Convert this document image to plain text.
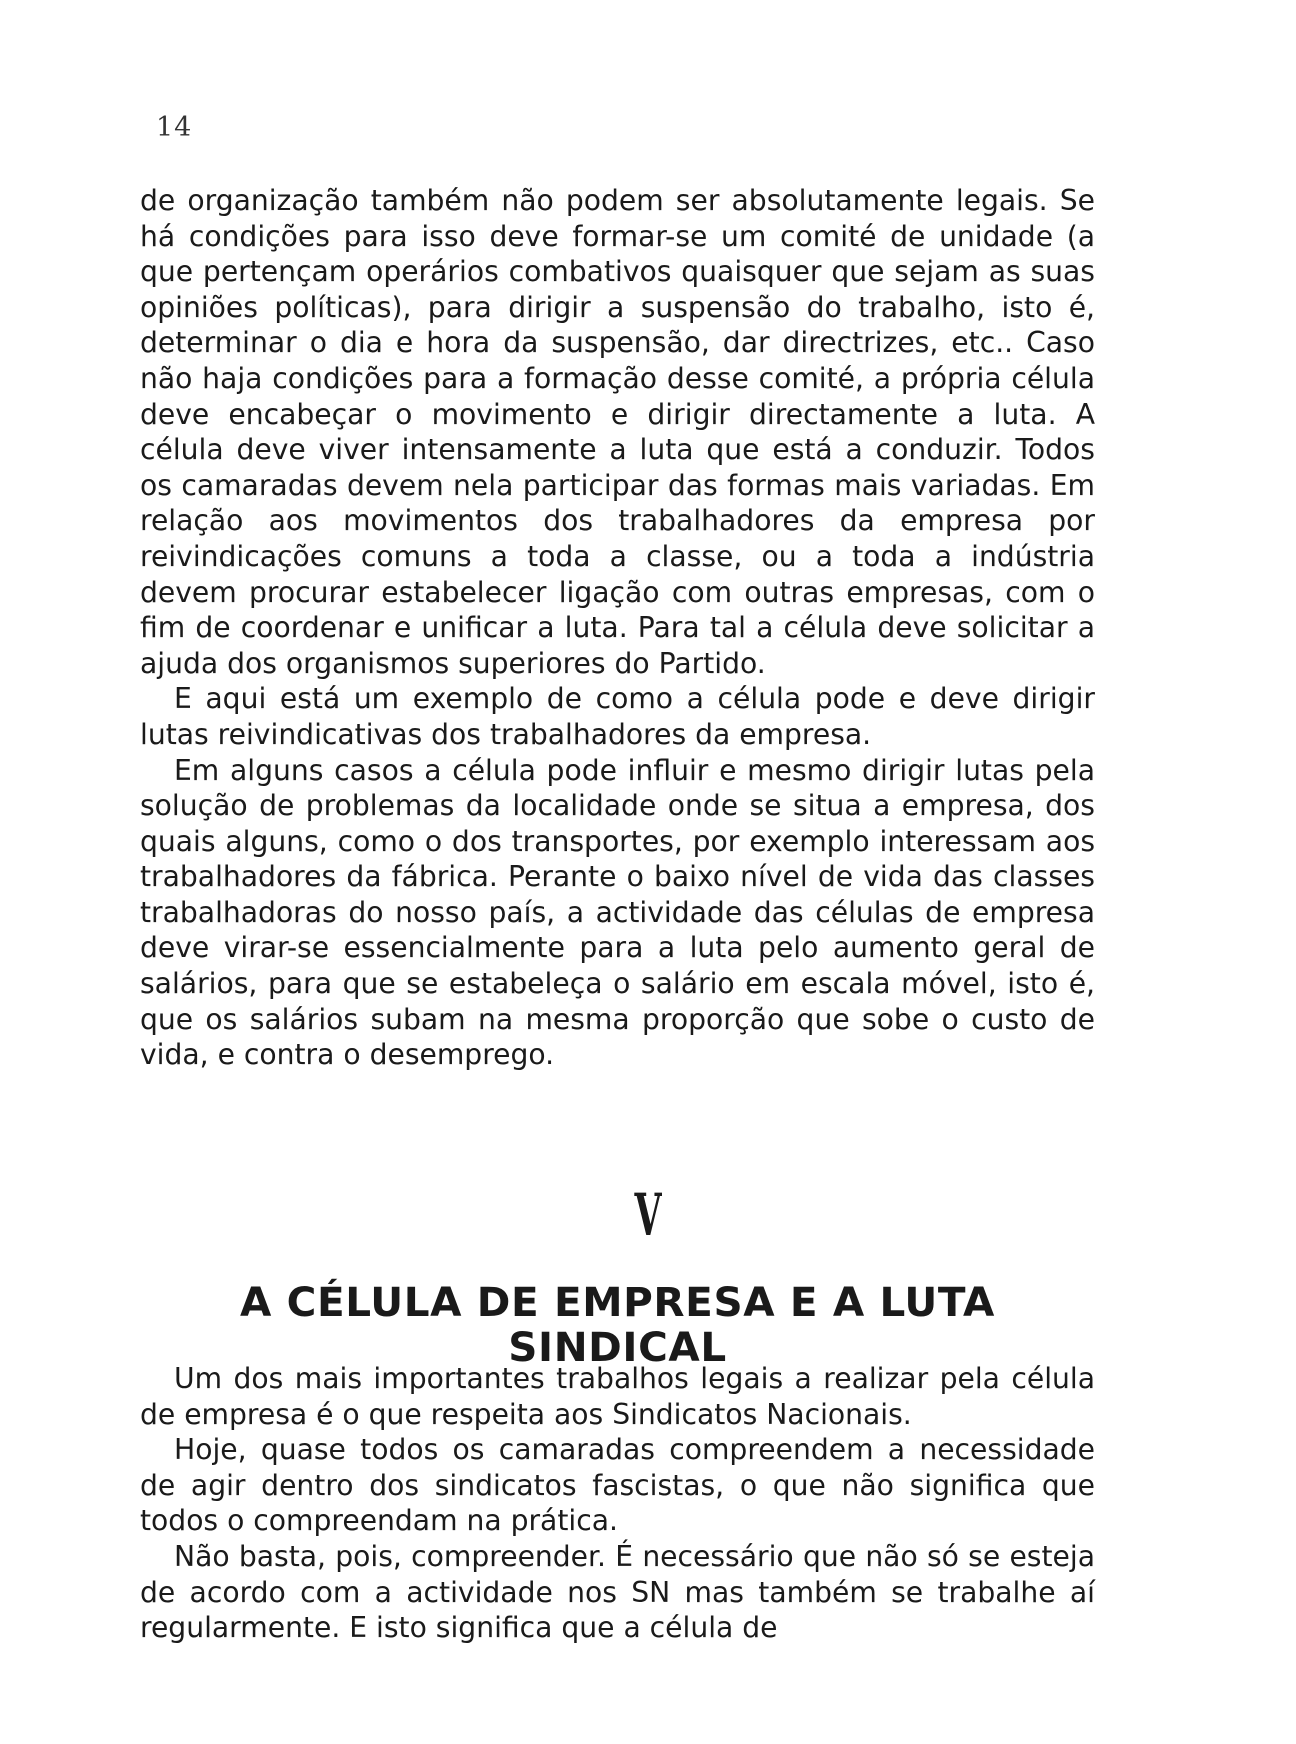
14

de organização também não podem ser absolutamente legais. Se há condições para isso deve formar-se um comité de unidade (a que pertençam operários combativos quaisquer que sejam as suas opiniões políticas), para dirigir a suspensão do trabalho, isto é, determinar o dia e hora da suspensão, dar directrizes, etc.. Caso não haja condições para a formação desse comité, a própria célula deve encabeçar o movimento e dirigir directamente a luta. A célula deve viver intensamente a luta que está a conduzir. Todos os camaradas devem nela participar das formas mais variadas. Em relação aos movimentos dos trabalhadores da empresa por reivindicações comuns a toda a classe, ou a toda a indústria devem procurar estabelecer ligação com outras empresas, com o fim de coordenar e unificar a luta. Para tal a célula deve solicitar a ajuda dos organismos superiores do Partido.

E aqui está um exemplo de como a célula pode e deve dirigir lutas reivindicativas dos trabalhadores da empresa.

Em alguns casos a célula pode influir e mesmo dirigir lutas pela solução de problemas da localidade onde se situa a empresa, dos quais alguns, como o dos transportes, por exemplo interessam aos trabalhadores da fábrica. Perante o baixo nível de vida das classes trabalhadoras do nosso país, a actividade das células de empresa deve virar-se essencialmente para a luta pelo aumento geral de salários, para que se estabeleça o salário em escala móvel, isto é, que os salários subam na mesma proporção que sobe o custo de vida, e contra o desemprego.

V
A CÉLULA DE EMPRESA E A LUTA SINDICAL

Um dos mais importantes trabalhos legais a realizar pela célula de empresa é o que respeita aos Sindicatos Nacionais.

Hoje, quase todos os camaradas compreendem a necessidade de agir dentro dos sindicatos fascistas, o que não significa que todos o compreendam na prática.

Não basta, pois, compreender. É necessário que não só se esteja de acordo com a actividade nos SN mas também se trabalhe aí regularmente. E isto significa que a célula de
